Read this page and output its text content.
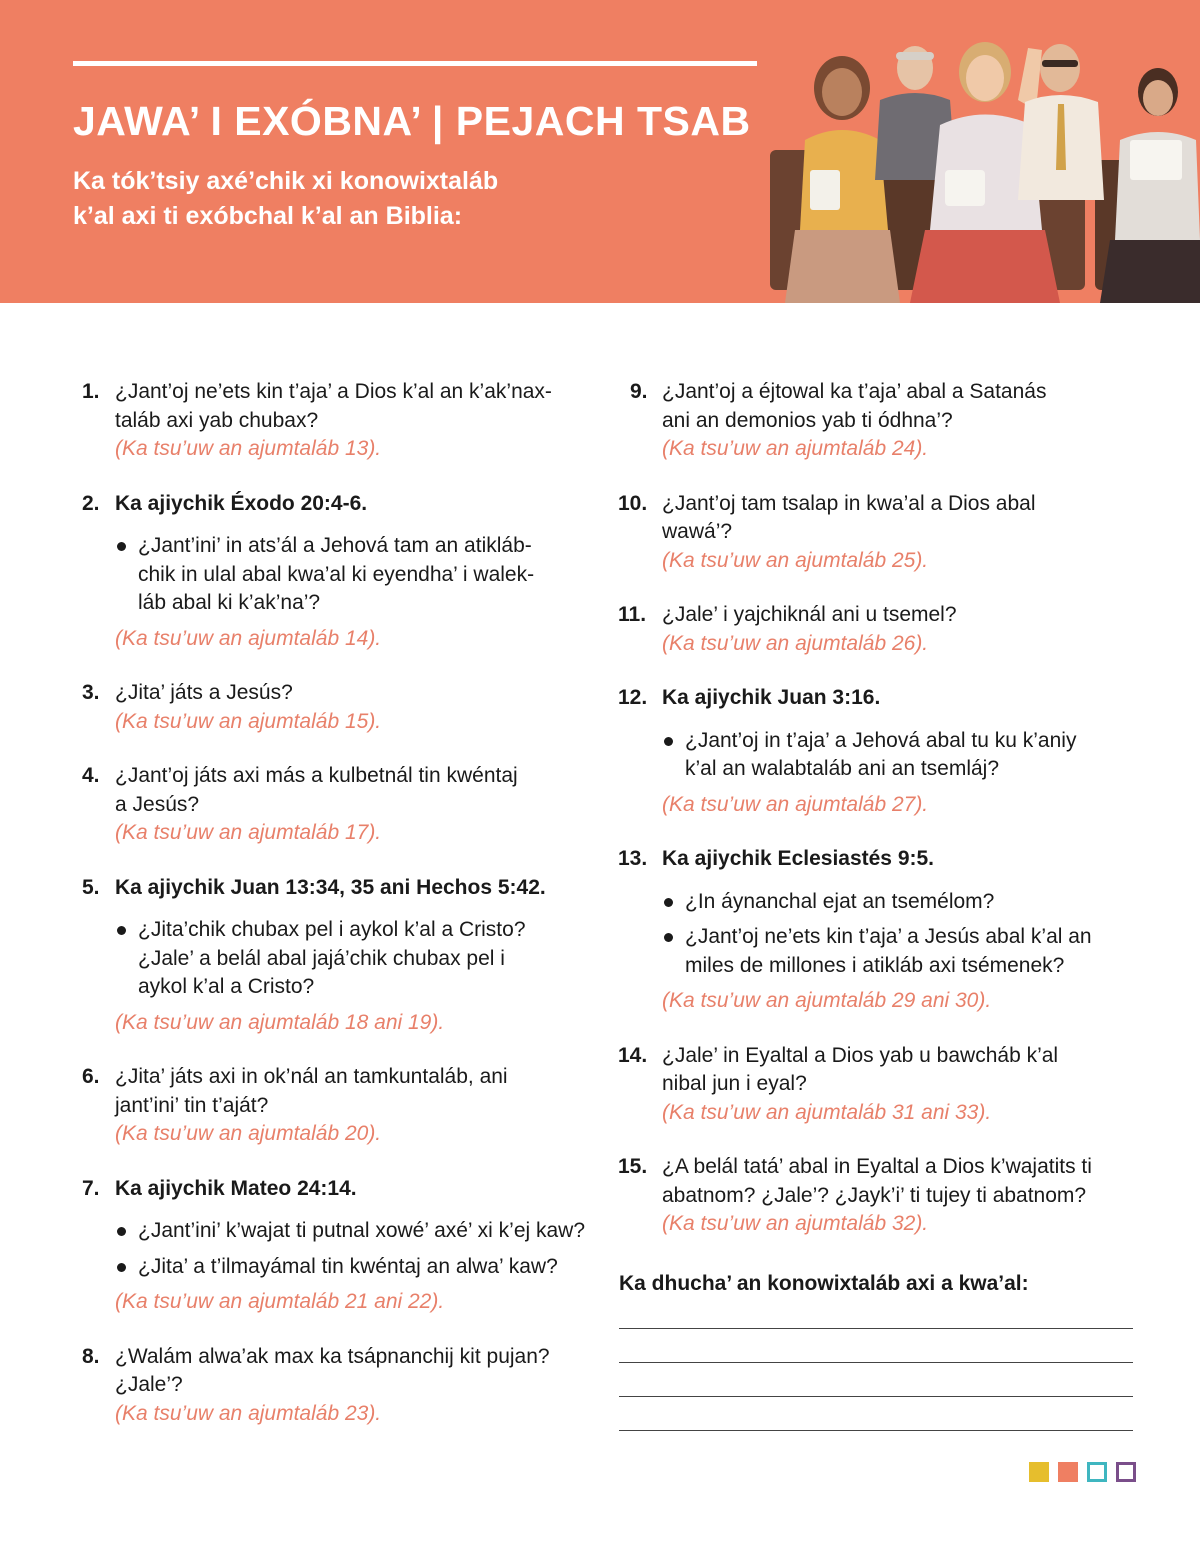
JAWA’ I EXÓBNA’ | PEJACH TSAB
Ka tók’tsiy axé’chik xi konowixtaláb
k’al axi ti exóbchal k’al an Biblia:
1. ¿Jant’oj ne’ets kin t’aja’ a Dios k’al an k’ak’nax-
taláb axi yab chubax?
(Ka tsu’uw an ajumtaláb 13).
2. Ka ajiychik Éxodo 20:4-6.
¿Jant’ini’ in ats’ál a Jehová tam an atikláb-
chik in ulal abal kwa’al ki eyendha’ i walek-
láb abal ki k’ak’na’?
(Ka tsu’uw an ajumtaláb 14).
3. ¿Jita’ játs a Jesús?
(Ka tsu’uw an ajumtaláb 15).
4. ¿Jant’oj játs axi más a kulbetnál tin kwéntaj
a Jesús?
(Ka tsu’uw an ajumtaláb 17).
5. Ka ajiychik Juan 13:34, 35 ani Hechos 5:42.
¿Jita’chik chubax pel i aykol k’al a Cristo?
¿Jale’ a belál abal jajá’chik chubax pel i
aykol k’al a Cristo?
(Ka tsu’uw an ajumtaláb 18 ani 19).
6. ¿Jita’ játs axi in ok’nál an tamkuntaláb, ani
jant’ini’ tin t’aját?
(Ka tsu’uw an ajumtaláb 20).
7. Ka ajiychik Mateo 24:14.
¿Jant’ini’ k’wajat ti putnal xowé’ axé’ xi k’ej kaw?
¿Jita’ a t’ilmayámal tin kwéntaj an alwa’ kaw?
(Ka tsu’uw an ajumtaláb 21 ani 22).
8. ¿Walám alwa’ak max ka tsápnanchij kit pujan?
¿Jale’?
(Ka tsu’uw an ajumtaláb 23).
9. ¿Jant’oj a éjtowal ka t’aja’ abal a Satanás
ani an demonios yab ti ódhna’?
(Ka tsu’uw an ajumtaláb 24).
10. ¿Jant’oj tam tsalap in kwa’al a Dios abal
wawá’?
(Ka tsu’uw an ajumtaláb 25).
11. ¿Jale’ i yajchiknál ani u tsemel?
(Ka tsu’uw an ajumtaláb 26).
12. Ka ajiychik Juan 3:16.
¿Jant’oj in t’aja’ a Jehová abal tu ku k’aniy
k’al an walabtaláb ani an tsemláj?
(Ka tsu’uw an ajumtaláb 27).
13. Ka ajiychik Eclesiastés 9:5.
¿In áynanchal ejat an tsemélom?
¿Jant’oj ne’ets kin t’aja’ a Jesús abal k’al an
miles de millones i atikláb axi tsémenek?
(Ka tsu’uw an ajumtaláb 29 ani 30).
14. ¿Jale’ in Eyaltal a Dios yab u bawcháb k’al
nibal jun i eyal?
(Ka tsu’uw an ajumtaláb 31 ani 33).
15. ¿A belál tatá’ abal in Eyaltal a Dios k’wajatits ti
abatnom? ¿Jale’? ¿Jayk’i’ ti tujey ti abatnom?
(Ka tsu’uw an ajumtaláb 32).
Ka dhucha’ an konowixtaláb axi a kwa’al:
